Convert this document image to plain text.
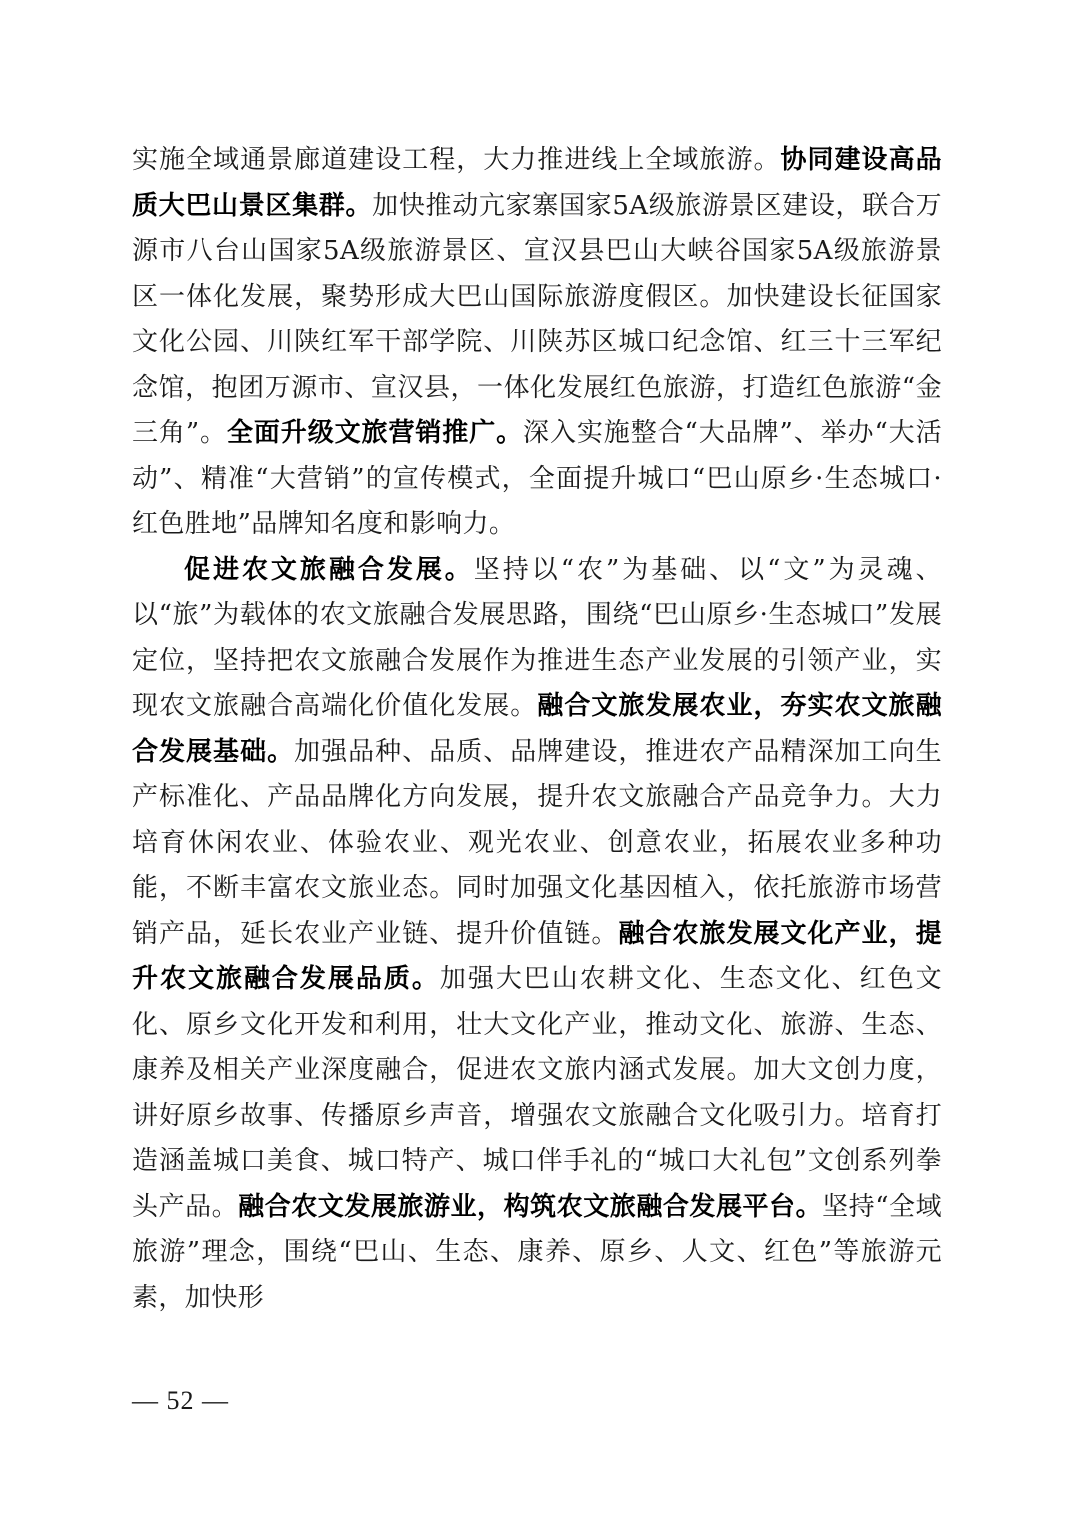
实施全域通景廊道建设工程，大力推进线上全域旅游。协同建设高品质大巴山景区集群。加快推动亢家寨国家5A级旅游景区建设，联合万源市八台山国家5A级旅游景区、宣汉县巴山大峡谷国家5A级旅游景区一体化发展，聚势形成大巴山国际旅游度假区。加快建设长征国家文化公园、川陕红军干部学院、川陕苏区城口纪念馆、红三十三军纪念馆，抱团万源市、宣汉县，一体化发展红色旅游，打造红色旅游“金三角”。全面升级文旅营销推广。深入实施整合“大品牌”、举办“大活动”、精准“大营销”的宣传模式，全面提升城口“巴山原乡·生态城口·红色胜地”品牌知名度和影响力。

促进农文旅融合发展。坚持以“农”为基础、以“文”为灵魂、以“旅”为载体的农文旅融合发展思路，围绕“巴山原乡·生态城口”发展定位，坚持把农文旅融合发展作为推进生态产业发展的引领产业，实现农文旅融合高端化价值化发展。融合文旅发展农业，夯实农文旅融合发展基础。加强品种、品质、品牌建设，推进农产品精深加工向生产标准化、产品品牌化方向发展，提升农文旅融合产品竞争力。大力培育休闲农业、体验农业、观光农业、创意农业，拓展农业多种功能，不断丰富农文旅业态。同时加强文化基因植入，依托旅游市场营销产品，延长农业产业链、提升价值链。融合农旅发展文化产业，提升农文旅融合发展品质。加强大巴山农耕文化、生态文化、红色文化、原乡文化开发和利用，壮大文化产业，推动文化、旅游、生态、康养及相关产业深度融合，促进农文旅内涵式发展。加大文创力度，讲好原乡故事、传播原乡声音，增强农文旅融合文化吸引力。培育打造涵盖城口美食、城口特产、城口伴手礼的“城口大礼包”文创系列拳头产品。融合农文发展旅游业，构筑农文旅融合发展平台。坚持“全域旅游”理念，围绕“巴山、生态、康养、原乡、人文、红色”等旅游元素，加快形

— 52 —
